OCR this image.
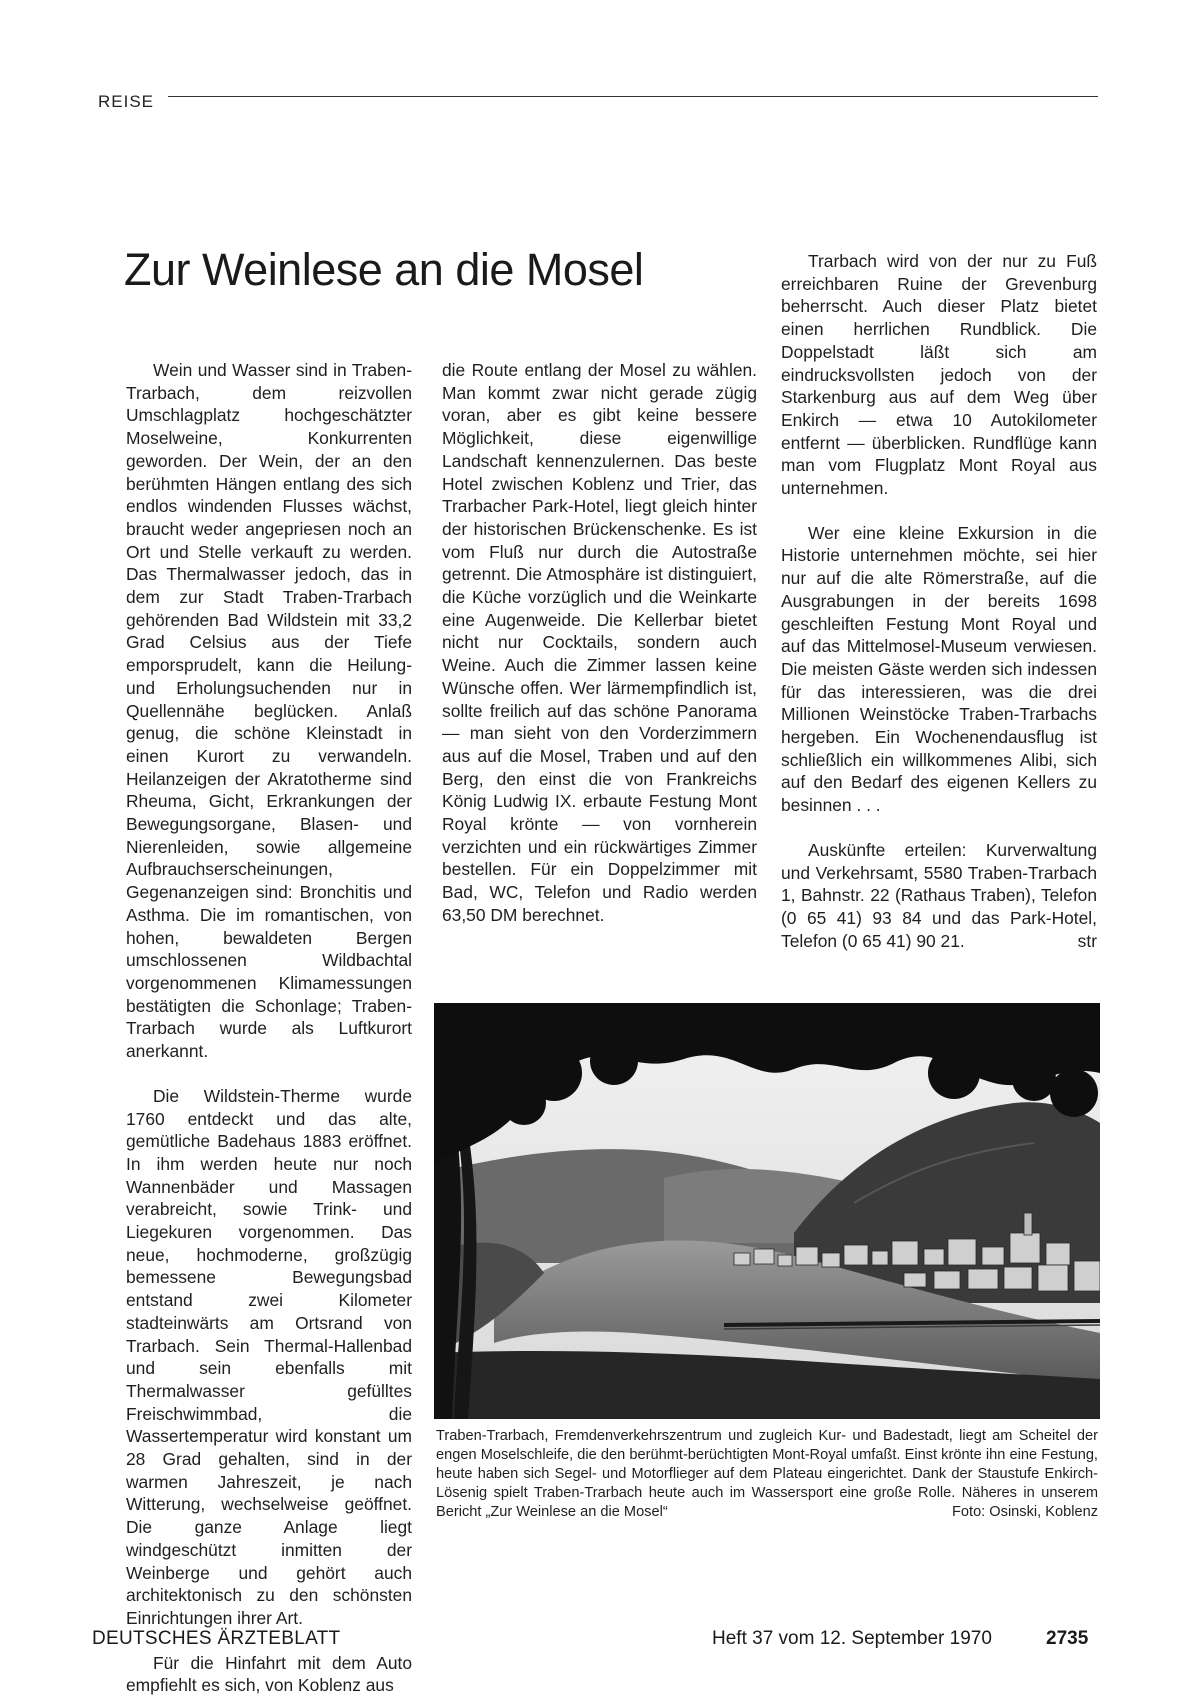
REISE
Zur Weinlese an die Mosel

Wein und Wasser sind in Traben-Trarbach, dem reizvollen Umschlagplatz hochgeschätzter Moselweine, Konkurrenten geworden. Der Wein, der an den berühmten Hängen entlang des sich endlos windenden Flusses wächst, braucht weder angepriesen noch an Ort und Stelle verkauft zu werden. Das Thermalwasser jedoch, das in dem zur Stadt Traben-Trarbach gehörenden Bad Wildstein mit 33,2 Grad Celsius aus der Tiefe emporsprudelt, kann die Heilung- und Erholungsuchenden nur in Quellennähe beglücken. Anlaß genug, die schöne Kleinstadt in einen Kurort zu verwandeln. Heilanzeigen der Akratotherme sind Rheuma, Gicht, Erkrankungen der Bewegungsorgane, Blasen- und Nierenleiden, sowie allgemeine Aufbrauchserscheinungen, Gegenanzeigen sind: Bronchitis und Asthma. Die im romantischen, von hohen, bewaldeten Bergen umschlossenen Wildbachtal vorgenommenen Klimamessungen bestätigten die Schonlage; Traben-Trarbach wurde als Luftkurort anerkannt.

Die Wildstein-Therme wurde 1760 entdeckt und das alte, gemütliche Badehaus 1883 eröffnet. In ihm werden heute nur noch Wannenbäder und Massagen verabreicht, sowie Trink- und Liegekuren vorgenommen. Das neue, hochmoderne, großzügig bemessene Bewegungsbad entstand zwei Kilometer stadteinwärts am Ortsrand von Trarbach. Sein Thermal-Hallenbad und sein ebenfalls mit Thermalwasser gefülltes Freischwimmbad, die Wassertemperatur wird konstant um 28 Grad gehalten, sind in der warmen Jahreszeit, je nach Witterung, wechselweise geöffnet. Die ganze Anlage liegt windgeschützt inmitten der Weinberge und gehört auch architektonisch zu den schönsten Einrichtungen ihrer Art.

Für die Hinfahrt mit dem Auto empfiehlt es sich, von Koblenz aus

die Route entlang der Mosel zu wählen. Man kommt zwar nicht gerade zügig voran, aber es gibt keine bessere Möglichkeit, diese eigenwillige Landschaft kennenzulernen. Das beste Hotel zwischen Koblenz und Trier, das Trarbacher Park-Hotel, liegt gleich hinter der historischen Brückenschenke. Es ist vom Fluß nur durch die Autostraße getrennt. Die Atmosphäre ist distinguiert, die Küche vorzüglich und die Weinkarte eine Augenweide. Die Kellerbar bietet nicht nur Cocktails, sondern auch Weine. Auch die Zimmer lassen keine Wünsche offen. Wer lärmempfindlich ist, sollte freilich auf das schöne Panorama — man sieht von den Vorderzimmern aus auf die Mosel, Traben und auf den Berg, den einst die von Frankreichs König Ludwig IX. erbaute Festung Mont Royal krönte — von vornherein verzichten und ein rückwärtiges Zimmer bestellen. Für ein Doppelzimmer mit Bad, WC, Telefon und Radio werden 63,50 DM berechnet.

Trarbach wird von der nur zu Fuß erreichbaren Ruine der Grevenburg beherrscht. Auch dieser Platz bietet einen herrlichen Rundblick. Die Doppelstadt läßt sich am eindrucksvollsten jedoch von der Starkenburg aus auf dem Weg über Enkirch — etwa 10 Autokilometer entfernt — überblicken. Rundflüge kann man vom Flugplatz Mont Royal aus unternehmen.

Wer eine kleine Exkursion in die Historie unternehmen möchte, sei hier nur auf die alte Römerstraße, auf die Ausgrabungen in der bereits 1698 geschleiften Festung Mont Royal und auf das Mittelmosel-Museum verwiesen. Die meisten Gäste werden sich indessen für das interessieren, was die drei Millionen Weinstöcke Traben-Trarbachs hergeben. Ein Wochenendausflug ist schließlich ein willkommenes Alibi, sich auf den Bedarf des eigenen Kellers zu besinnen . . .

Auskünfte erteilen: Kurverwaltung und Verkehrsamt, 5580 Traben-Trarbach 1, Bahnstr. 22 (Rathaus Traben), Telefon (0 65 41) 93 84 und das Park-Hotel, Telefon (0 65 41) 90 21.	str

Traben-Trarbach, Fremdenverkehrszentrum und zugleich Kur- und Badestadt, liegt am Scheitel der engen Moselschleife, die den berühmt-berüchtigten Mont-Royal umfaßt. Einst krönte ihn eine Festung, heute haben sich Segel- und Motorflieger auf dem Plateau eingerichtet. Dank der Staustufe Enkirch-Lösenig spielt Traben-Trarbach heute auch im Wassersport eine große Rolle. Näheres in unserem Bericht „Zur Weinlese an die Mosel“	Foto: Osinski, Koblenz
DEUTSCHES ÄRZTEBLATT	Heft 37 vom 12. September 1970	2735
